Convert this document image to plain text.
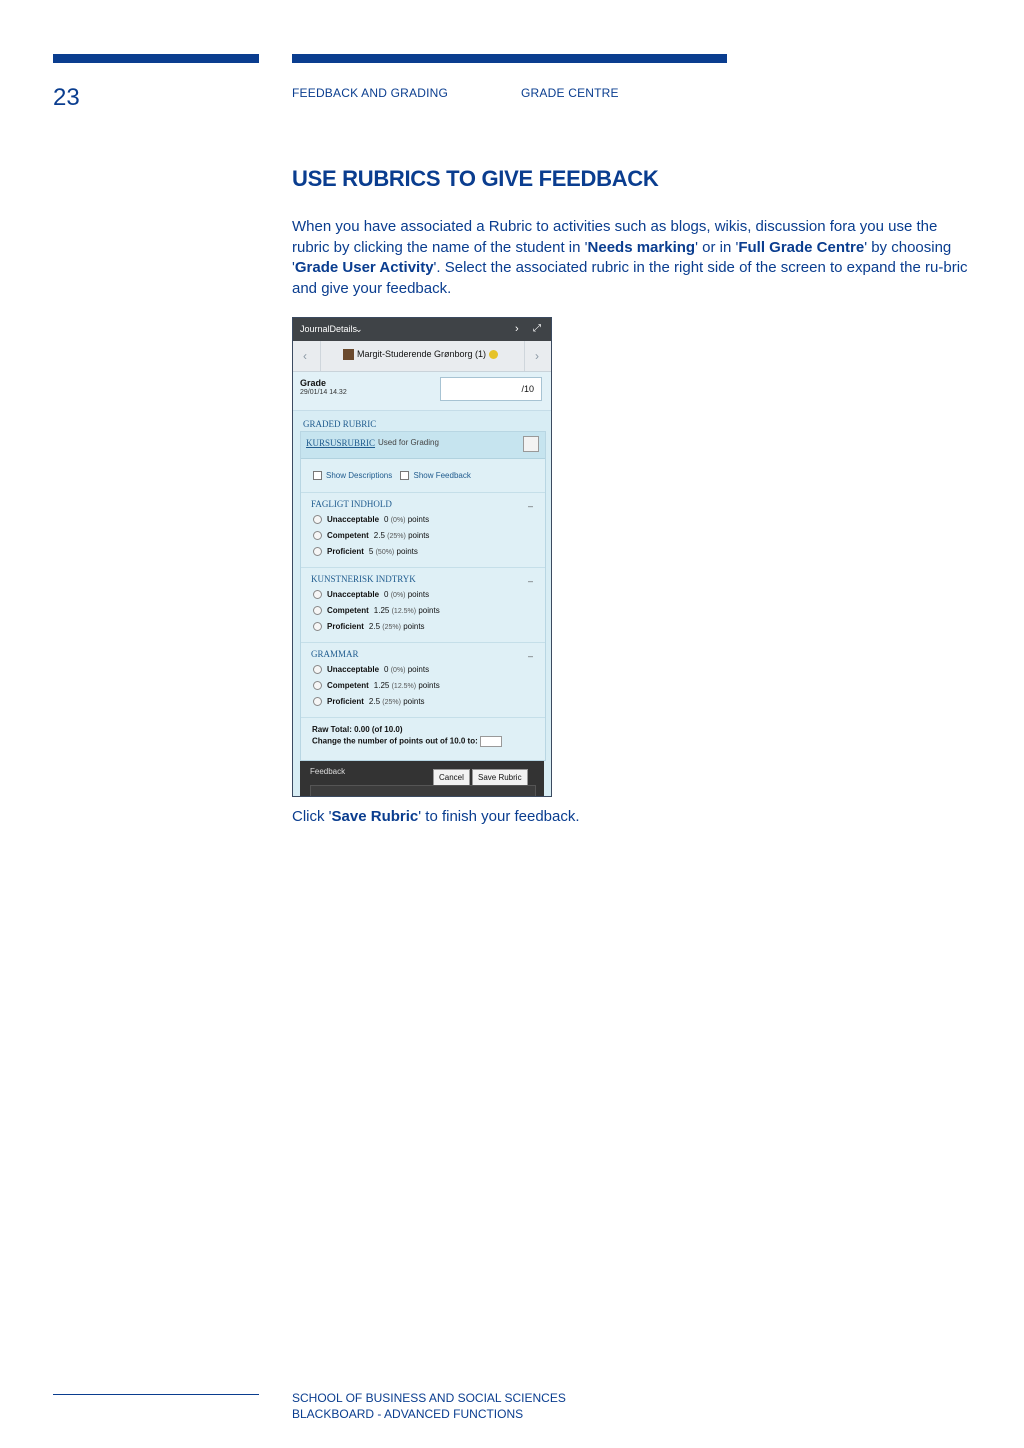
23	FEEDBACK AND GRADING	GRADE CENTRE
USE RUBRICS TO GIVE FEEDBACK

When you have associated a Rubric to activities such as blogs, wikis, discussion fora you use the rubric by clicking the name of the student in 'Needs marking' or in 'Full Grade Centre' by choosing 'Grade User Activity'. Select the associated rubric in the right side of the screen to expand the ru-bric and give your feedback.

JournalDetails
⌄	› ⤢
‹	Margit-Studerende Grønborg (1)	›
Grade
29/01/14 14.32	/10
GRADED RUBRIC
KURSUSRUBRIC Used for Grading
Show Descriptions	Show Feedback
FAGLIGT INDHOLD	–
Unacceptable 0 (0%) points
Competent 2.5 (25%) points
Proficient 5 (50%) points
KUNSTNERISK INDTRYK	–
Unacceptable 0 (0%) points
Competent 1.25 (12.5%) points
Proficient 2.5 (25%) points
GRAMMAR	–
Unacceptable 0 (0%) points
Competent 1.25 (12.5%) points
Proficient 2.5 (25%) points
Raw Total: 0.00 (of 10.0)
Change the number of points out of 10.0 to:
Feedback
Cancel	Save Rubric

Click 'Save Rubric' to finish your feedback.

SCHOOL OF BUSINESS AND SOCIAL SCIENCES
BLACKBOARD - ADVANCED FUNCTIONS
